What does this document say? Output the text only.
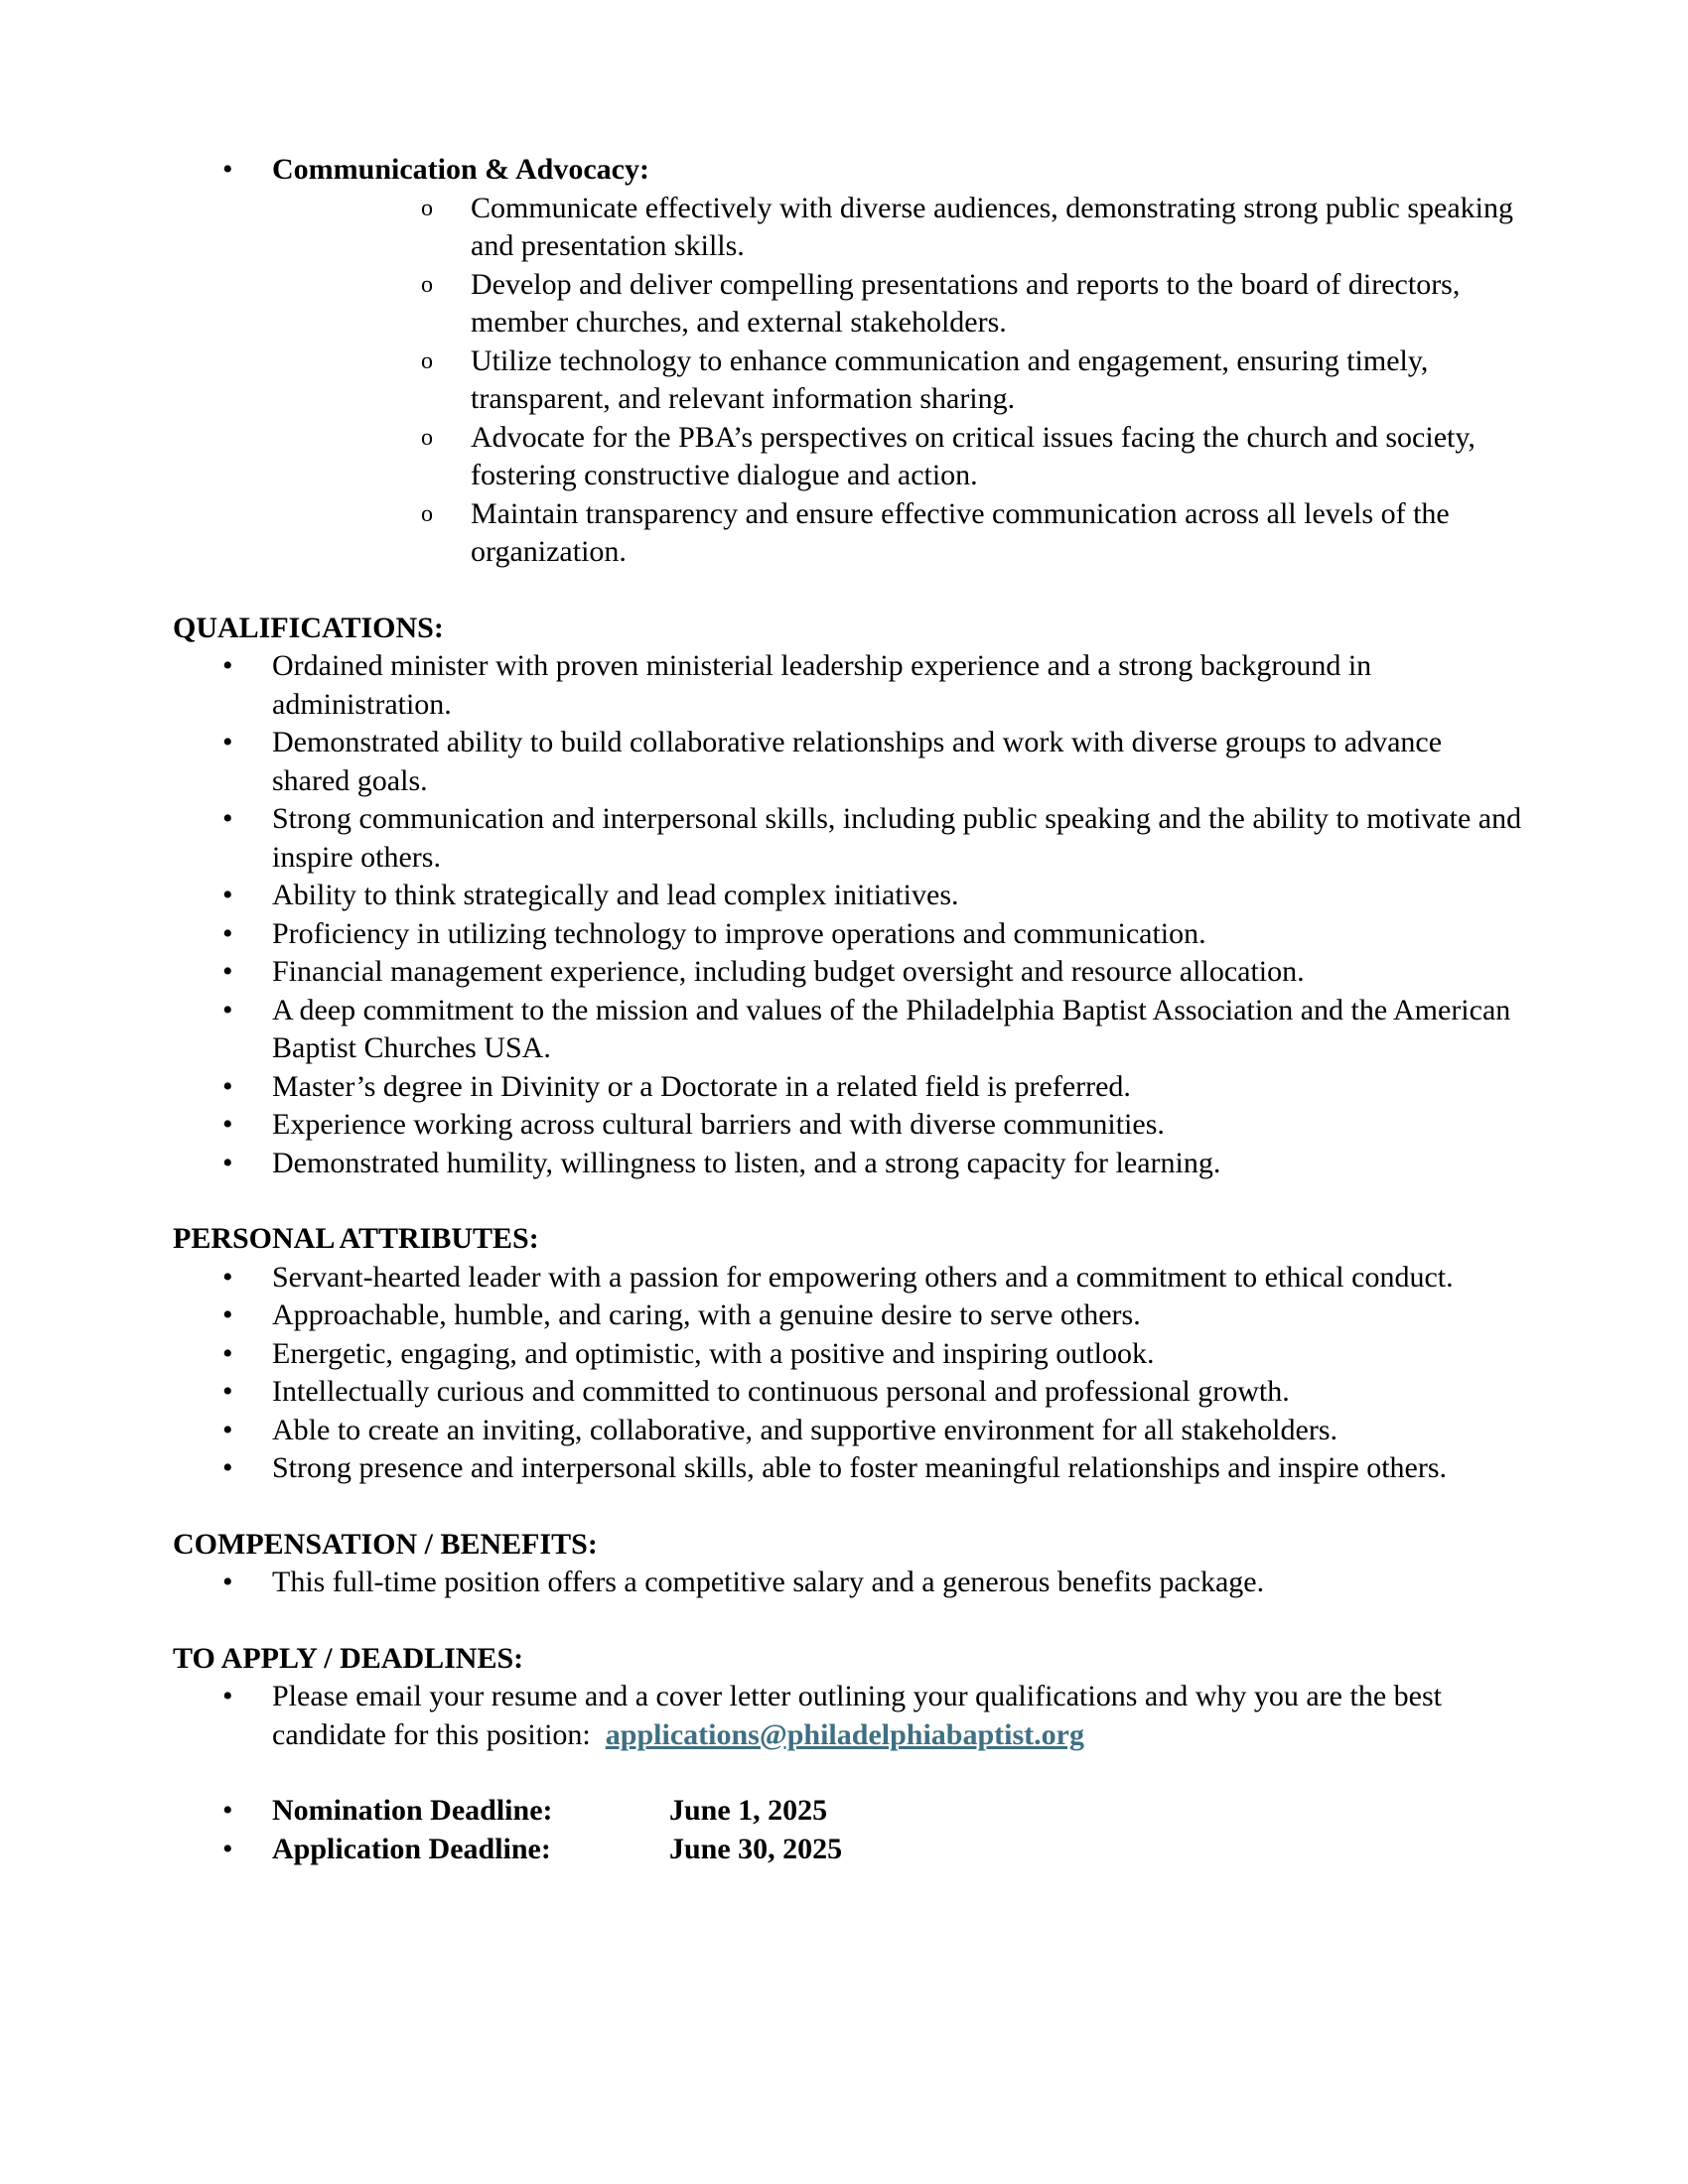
• Communication & Advocacy:
o Communicate effectively with diverse audiences, demonstrating strong public speaking and presentation skills.
o Develop and deliver compelling presentations and reports to the board of directors, member churches, and external stakeholders.
o Utilize technology to enhance communication and engagement, ensuring timely, transparent, and relevant information sharing.
o Advocate for the PBA’s perspectives on critical issues facing the church and society, fostering constructive dialogue and action.
o Maintain transparency and ensure effective communication across all levels of the organization.

QUALIFICATIONS:

• Ordained minister with proven ministerial leadership experience and a strong background in administration.
• Demonstrated ability to build collaborative relationships and work with diverse groups to advance shared goals.
• Strong communication and interpersonal skills, including public speaking and the ability to motivate and inspire others.
• Ability to think strategically and lead complex initiatives.
• Proficiency in utilizing technology to improve operations and communication.
• Financial management experience, including budget oversight and resource allocation.
• A deep commitment to the mission and values of the Philadelphia Baptist Association and the American Baptist Churches USA.
• Master’s degree in Divinity or a Doctorate in a related field is preferred.
• Experience working across cultural barriers and with diverse communities.
• Demonstrated humility, willingness to listen, and a strong capacity for learning.

PERSONAL ATTRIBUTES:

• Servant-hearted leader with a passion for empowering others and a commitment to ethical conduct.
• Approachable, humble, and caring, with a genuine desire to serve others.
• Energetic, engaging, and optimistic, with a positive and inspiring outlook.
• Intellectually curious and committed to continuous personal and professional growth.
• Able to create an inviting, collaborative, and supportive environment for all stakeholders.
• Strong presence and interpersonal skills, able to foster meaningful relationships and inspire others.

COMPENSATION / BENEFITS:

• This full-time position offers a competitive salary and a generous benefits package.

TO APPLY / DEADLINES:

• Please email your resume and a cover letter outlining your qualifications and why you are the best candidate for this position: applications@philadelphiabaptist.org
• Nomination Deadline:	June 1, 2025
• Application Deadline:	June 30, 2025
